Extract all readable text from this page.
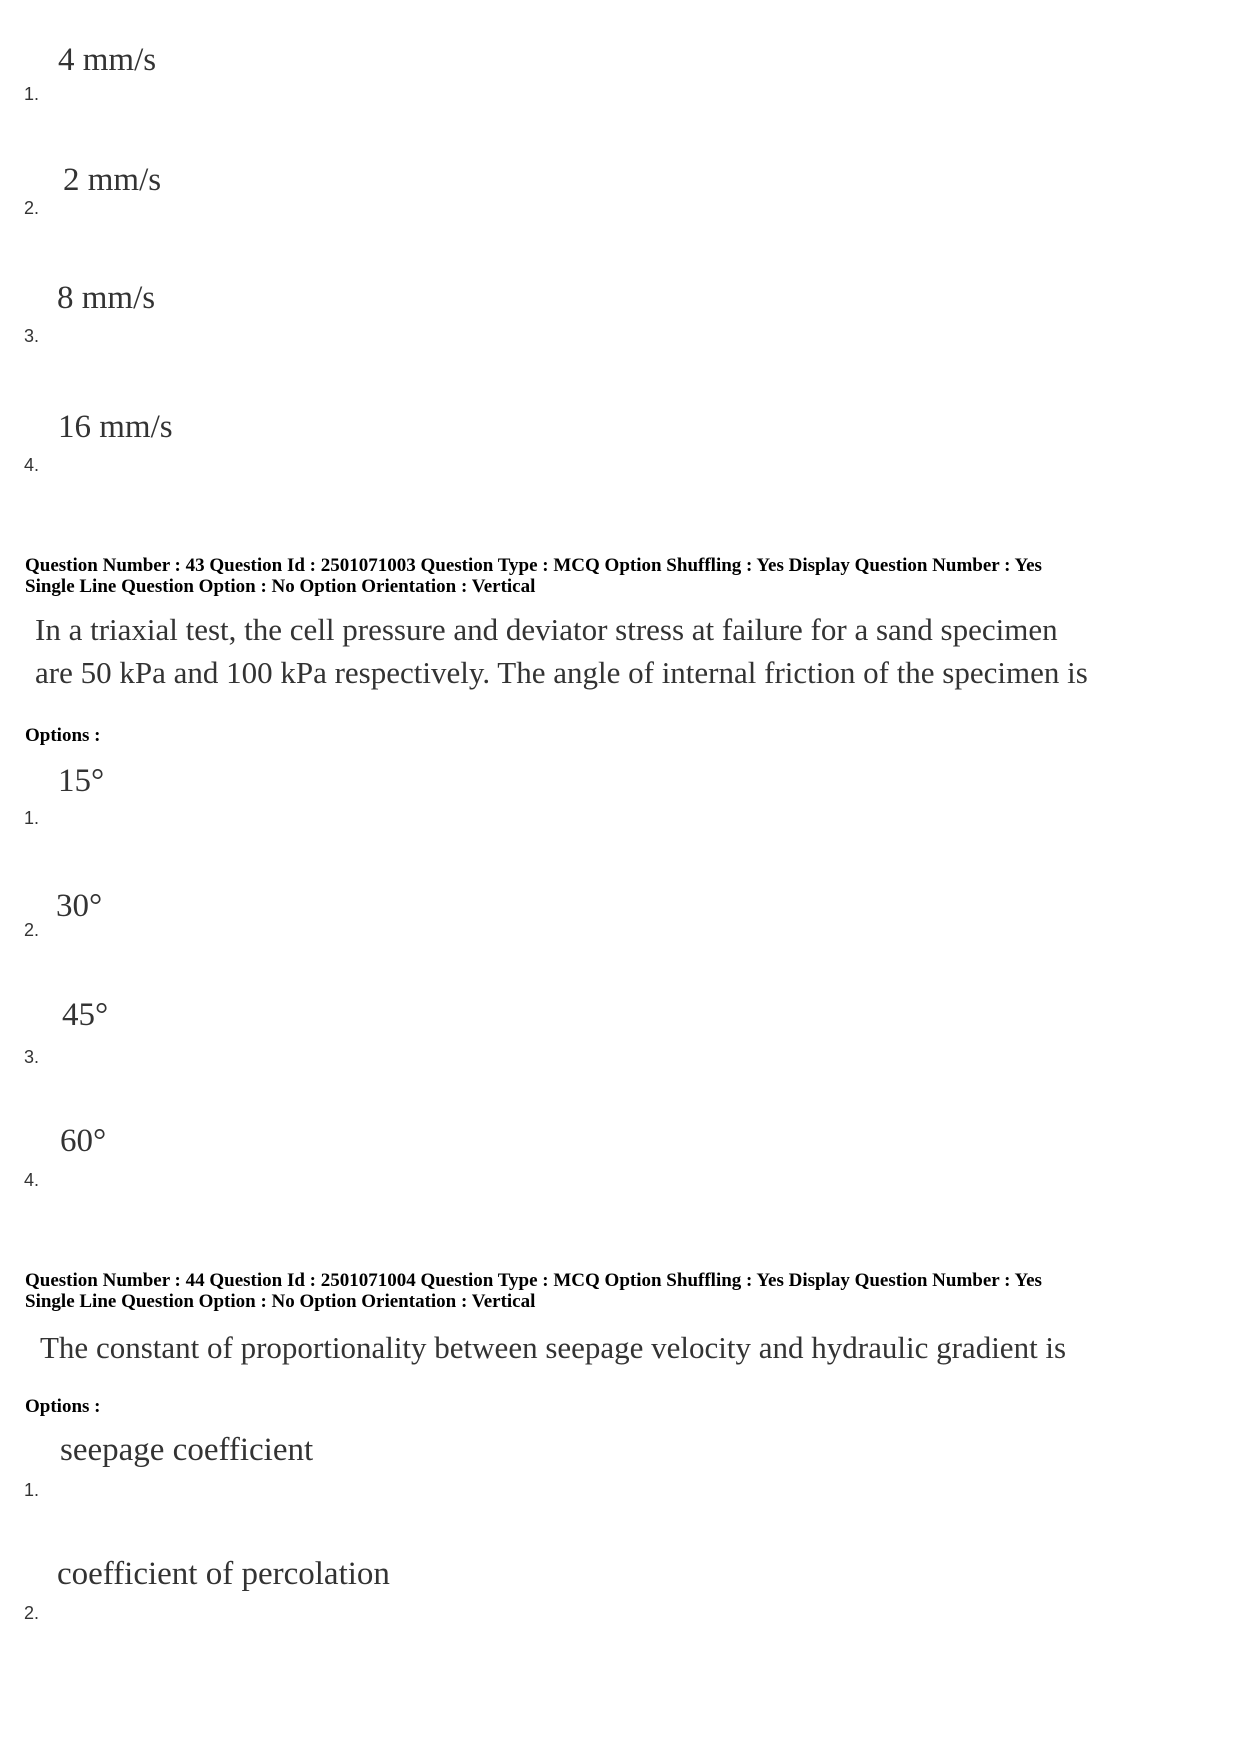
4 mm/s
1.
2 mm/s
2.
8 mm/s
3.
16 mm/s
4.
Question Number : 43 Question Id : 2501071003 Question Type : MCQ Option Shuffling : Yes Display Question Number : Yes
Single Line Question Option : No Option Orientation : Vertical
In a triaxial test, the cell pressure and deviator stress at failure for a sand specimen
are 50 kPa and 100 kPa respectively. The angle of internal friction of the specimen is
Options :
15°
1.
30°
2.
45°
3.
60°
4.
Question Number : 44 Question Id : 2501071004 Question Type : MCQ Option Shuffling : Yes Display Question Number : Yes
Single Line Question Option : No Option Orientation : Vertical
The constant of proportionality between seepage velocity and hydraulic gradient is
Options :
seepage coefficient
1.
coefficient of percolation
2.
